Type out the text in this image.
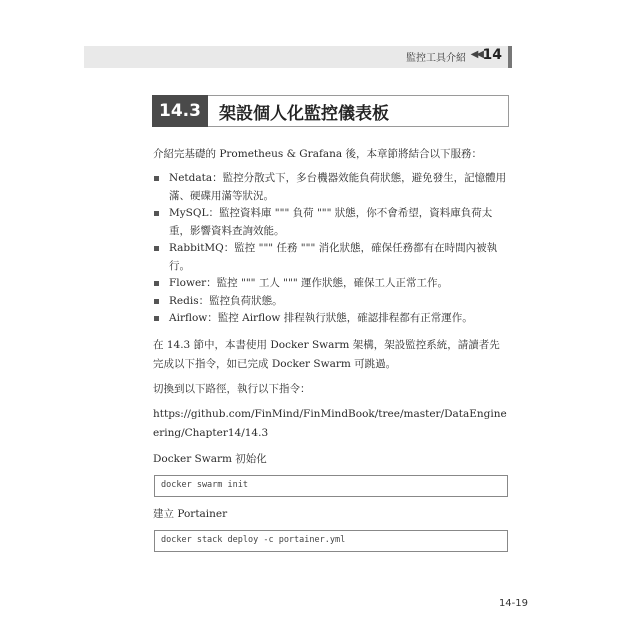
監控工具介紹 ◀◀ 14
14.3	架設個人化監控儀表板
介紹完基礎的 Prometheus & Grafana 後，本章節將結合以下服務：
Netdata：監控分散式下，多台機器效能負荷狀態，避免發生，記憶體用滿、硬碟用滿等狀況。
MySQL：監控資料庫 """ 負荷 """ 狀態，你不會希望，資料庫負荷太重，影響資料查詢效能。
RabbitMQ：監控 """ 任務 """ 消化狀態，確保任務都有在時間內被執行。
Flower：監控 """ 工人 """ 運作狀態，確保工人正常工作。
Redis：監控負荷狀態。
Airflow：監控 Airflow 排程執行狀態，確認排程都有正常運作。
在 14.3 節中，本書使用 Docker Swarm 架構，架設監控系統，請讀者先完成以下指令，如已完成 Docker Swarm 可跳過。
切換到以下路徑，執行以下指令：
https://github.com/FinMind/FinMindBook/tree/master/DataEngineering/Chapter14/14.3
Docker Swarm 初始化
docker swarm init
建立 Portainer
docker stack deploy -c portainer.yml
14-19
